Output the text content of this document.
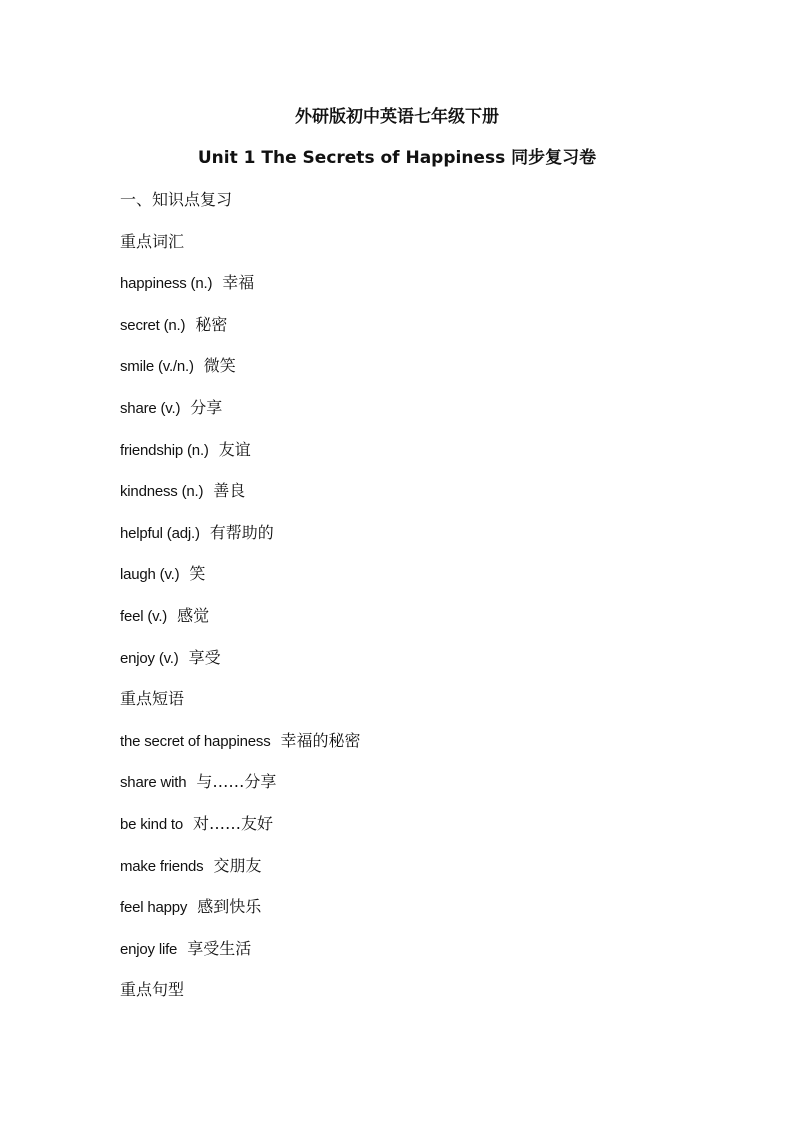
外研版初中英语七年级下册
Unit 1 The Secrets of Happiness 同步复习卷
一、知识点复习
重点词汇
happiness (n.) 幸福
secret (n.) 秘密
smile (v./n.) 微笑
share (v.) 分享
friendship (n.) 友谊
kindness (n.) 善良
helpful (adj.) 有帮助的
laugh (v.) 笑
feel (v.) 感觉
enjoy (v.) 享受
重点短语
the secret of happiness 幸福的秘密
share with 与……分享
be kind to 对……友好
make friends 交朋友
feel happy 感到快乐
enjoy life 享受生活
重点句型
